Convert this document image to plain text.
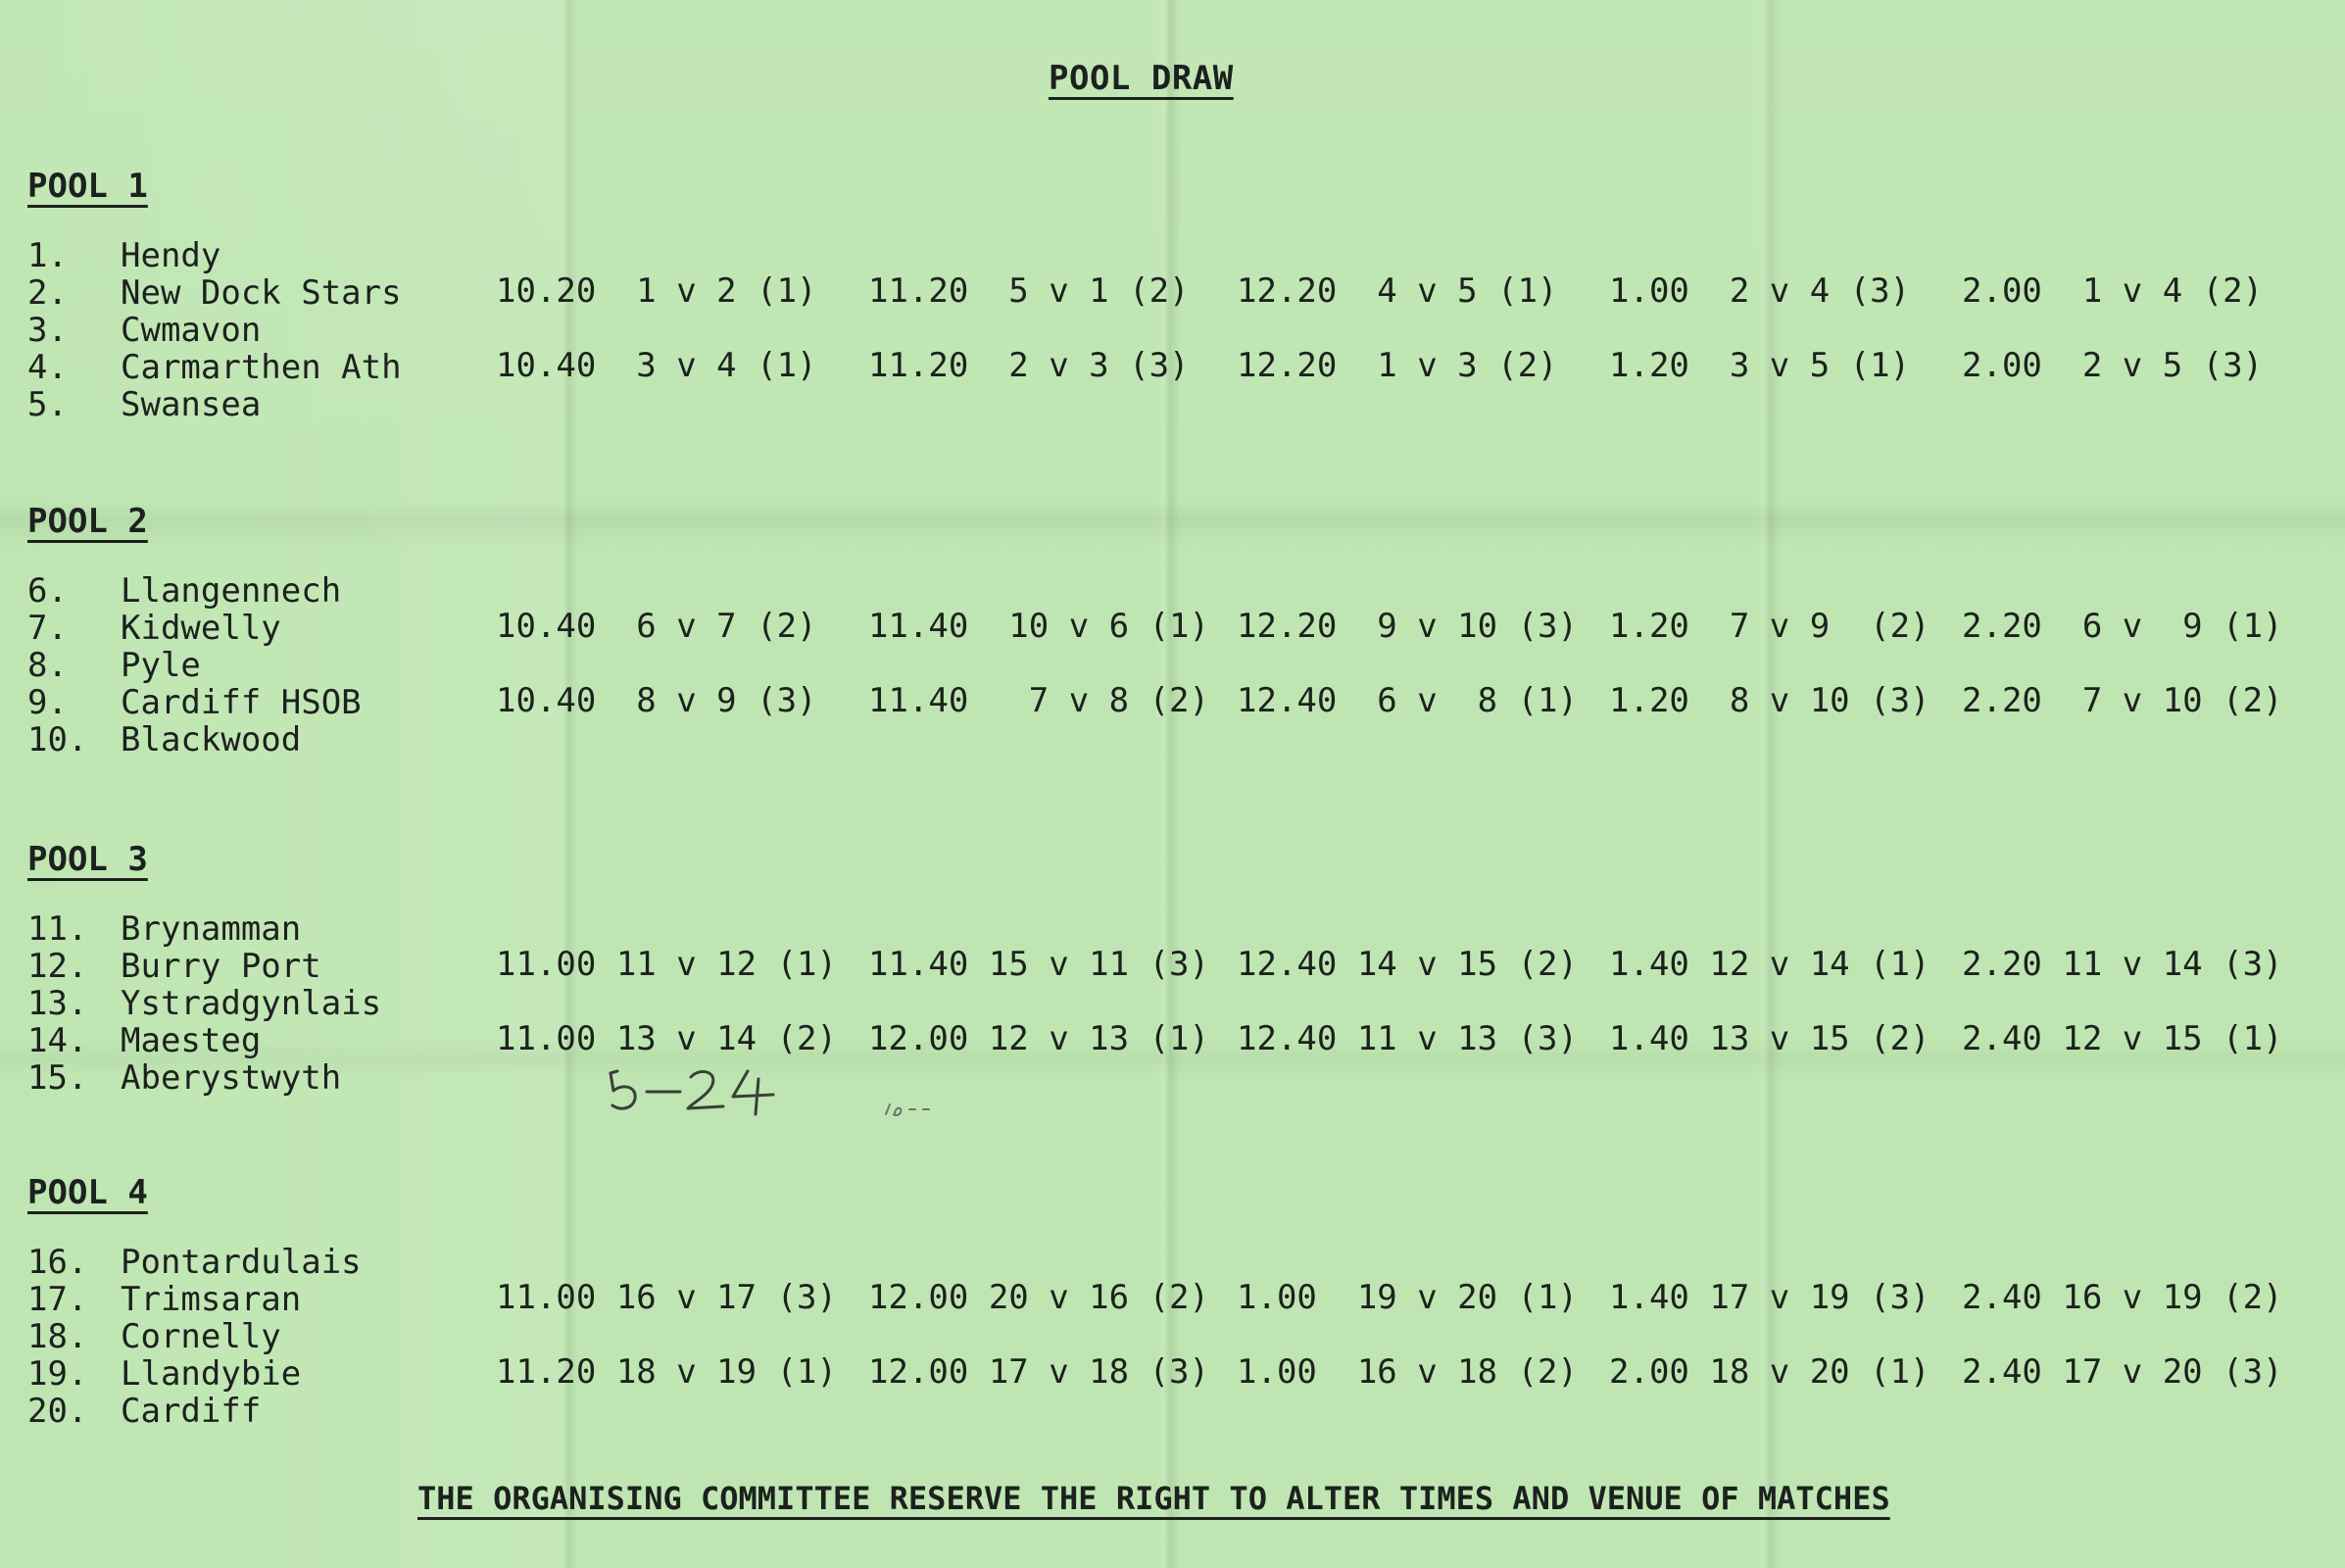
POOL DRAW
POOL 1
1. Hendy
2. New Dock Stars
3. Cwmavon
4. Carmarthen Ath
5. Swansea
10.20  1 v 2 (1) 11.20  5 v 1 (2) 12.20  4 v 5 (1) 1.00  2 v 4 (3) 2.00  1 v 4 (2)
10.40  3 v 4 (1) 11.20  2 v 3 (3) 12.20  1 v 3 (2) 1.20  3 v 5 (1) 2.00  2 v 5 (3)
POOL 2
6. Llangennech
7. Kidwelly
8. Pyle
9. Cardiff HSOB
10. Blackwood
10.40  6 v 7 (2) 11.40  10 v 6 (1) 12.20  9 v 10 (3) 1.20  7 v 9  (2) 2.20  6 v  9 (1)
10.40  8 v 9 (3) 11.40   7 v 8 (2) 12.40  6 v  8 (1) 1.20  8 v 10 (3) 2.20  7 v 10 (2)
POOL 3
11. Brynamman
12. Burry Port
13. Ystradgynlais
14. Maesteg
15. Aberystwyth
11.00 11 v 12 (1) 11.40 15 v 11 (3) 12.40 14 v 15 (2) 1.40 12 v 14 (1) 2.20 11 v 14 (3)
11.00 13 v 14 (2) 12.00 12 v 13 (1) 12.40 11 v 13 (3) 1.40 13 v 15 (2) 2.40 12 v 15 (1)
POOL 4
16. Pontardulais
17. Trimsaran
18. Cornelly
19. Llandybie
20. Cardiff
11.00 16 v 17 (3) 12.00 20 v 16 (2) 1.00  19 v 20 (1) 1.40 17 v 19 (3) 2.40 16 v 19 (2)
11.20 18 v 19 (1) 12.00 17 v 18 (3) 1.00  16 v 18 (2) 2.00 18 v 20 (1) 2.40 17 v 20 (3)
THE ORGANISING COMMITTEE RESERVE THE RIGHT TO ALTER TIMES AND VENUE OF MATCHES
